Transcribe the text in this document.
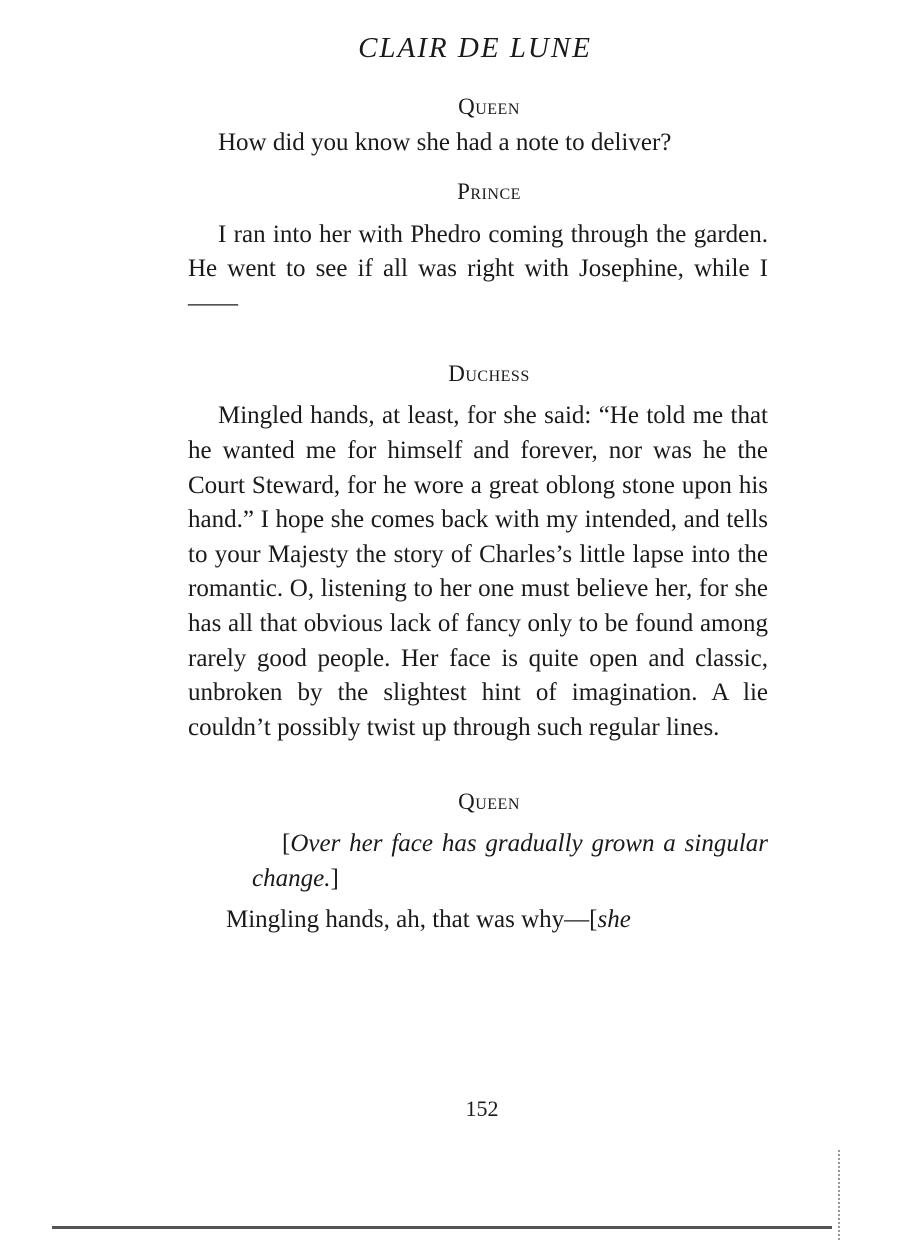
CLAIR DE LUNE

Queen

How did you know she had a note to deliver?

Prince

I ran into her with Phedro coming through the garden. He went to see if all was right with Josephine, while I——

Duchess

Mingled hands, at least, for she said: “He told me that he wanted me for himself and forever, nor was he the Court Steward, for he wore a great oblong stone upon his hand.” I hope she comes back with my intended, and tells to your Majesty the story of Charles’s little lapse into the romantic. O, listening to her one must believe her, for she has all that obvious lack of fancy only to be found among rarely good people. Her face is quite open and classic, unbroken by the slightest hint of imagination. A lie couldn’t possibly twist up through such regular lines.

Queen

[Over her face has gradually grown a singular change.]

Mingling hands, ah, that was why—[she

152
